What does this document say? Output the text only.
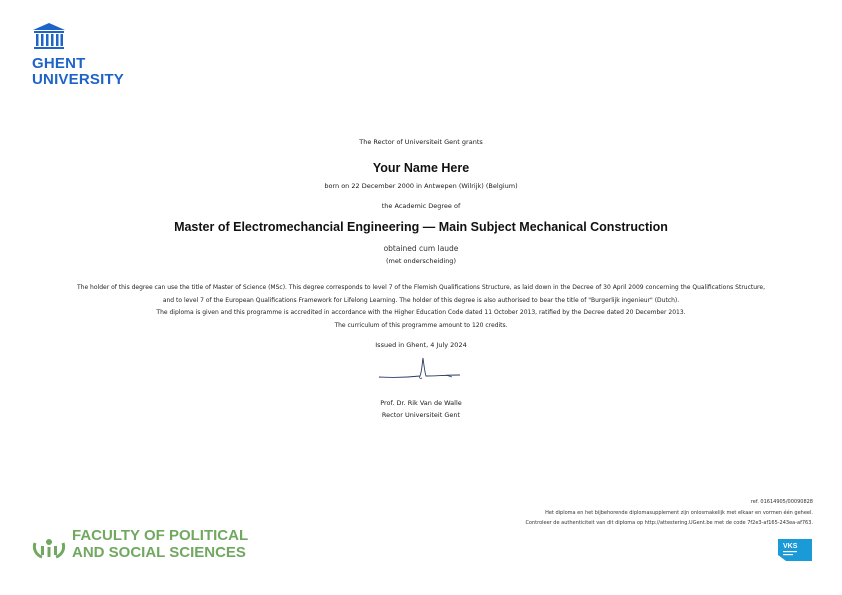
GHENT
UNIVERSITY
The Rector of Universiteit Gent grants
Your Name Here
born on 22 December 2000 in Antwepen (Wilrijk) (Belgium)
the Academic Degree of
Master of Electromechancial Engineering — Main Subject Mechanical Construction
obtained cum laude
(met onderscheiding)
The holder of this degree can use the title of Master of Science (MSc). This degree corresponds to level 7 of the Flemish Qualifications Structure, as laid down in the Decree of 30 April 2009 concerning the Qualifications Structure,
and to level 7 of the European Qualifications Framework for Lifelong Learning. The holder of this degree is also authorised to bear the title of "Burgerlijk ingenieur" (Dutch).
The diploma is given and this programme is accredited in accordance with the Higher Education Code dated 11 October 2013, ratified by the Decree dated 20 December 2013.
The curriculum of this programme amount to 120 credits.
Issued in Ghent, 4 July 2024
Prof. Dr. Rik Van de Walle
Rector Universiteit Gent
ref. 01614905/00090828
Het diploma en het bijbehorende diplomasupplement zijn onlosmakelijk met elkaar en vormen één geheel.
Controleer de authenticiteit van dit diploma op http://attestering.UGent.be met de code 7f2e3-af165-243ea-af763.
VKS
FACULTY OF POLITICAL
AND SOCIAL SCIENCES
